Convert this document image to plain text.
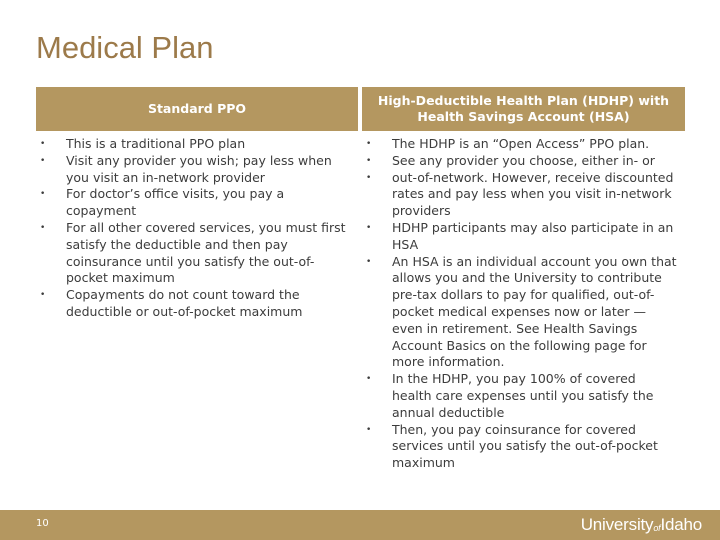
Medical Plan
Standard PPO
• This is a traditional PPO plan
• Visit any provider you wish; pay less when you visit an in-network provider
• For doctor’s office visits, you pay a copayment
• For all other covered services, you must first satisfy the deductible and then pay coinsurance until you satisfy the out-of-pocket maximum
• Copayments do not count toward the deductible or out-of-pocket maximum
High-Deductible Health Plan (HDHP) with Health Savings Account (HSA)
• The HDHP is an “Open Access” PPO plan.
• See any provider you choose, either in- or
• out-of-network. However, receive discounted rates and pay less when you visit in-network providers
• HDHP participants may also participate in an HSA
• An HSA is an individual account you own that allows you and the University to contribute pre-tax dollars to pay for qualified, out-of-pocket medical expenses now or later — even in retirement. See Health Savings Account Basics on the following page for more information.
• In the HDHP, you pay 100% of covered health care expenses until you satisfy the annual deductible
• Then, you pay coinsurance for covered services until you satisfy the out-of-pocket maximum
10	UniversityofIdaho
